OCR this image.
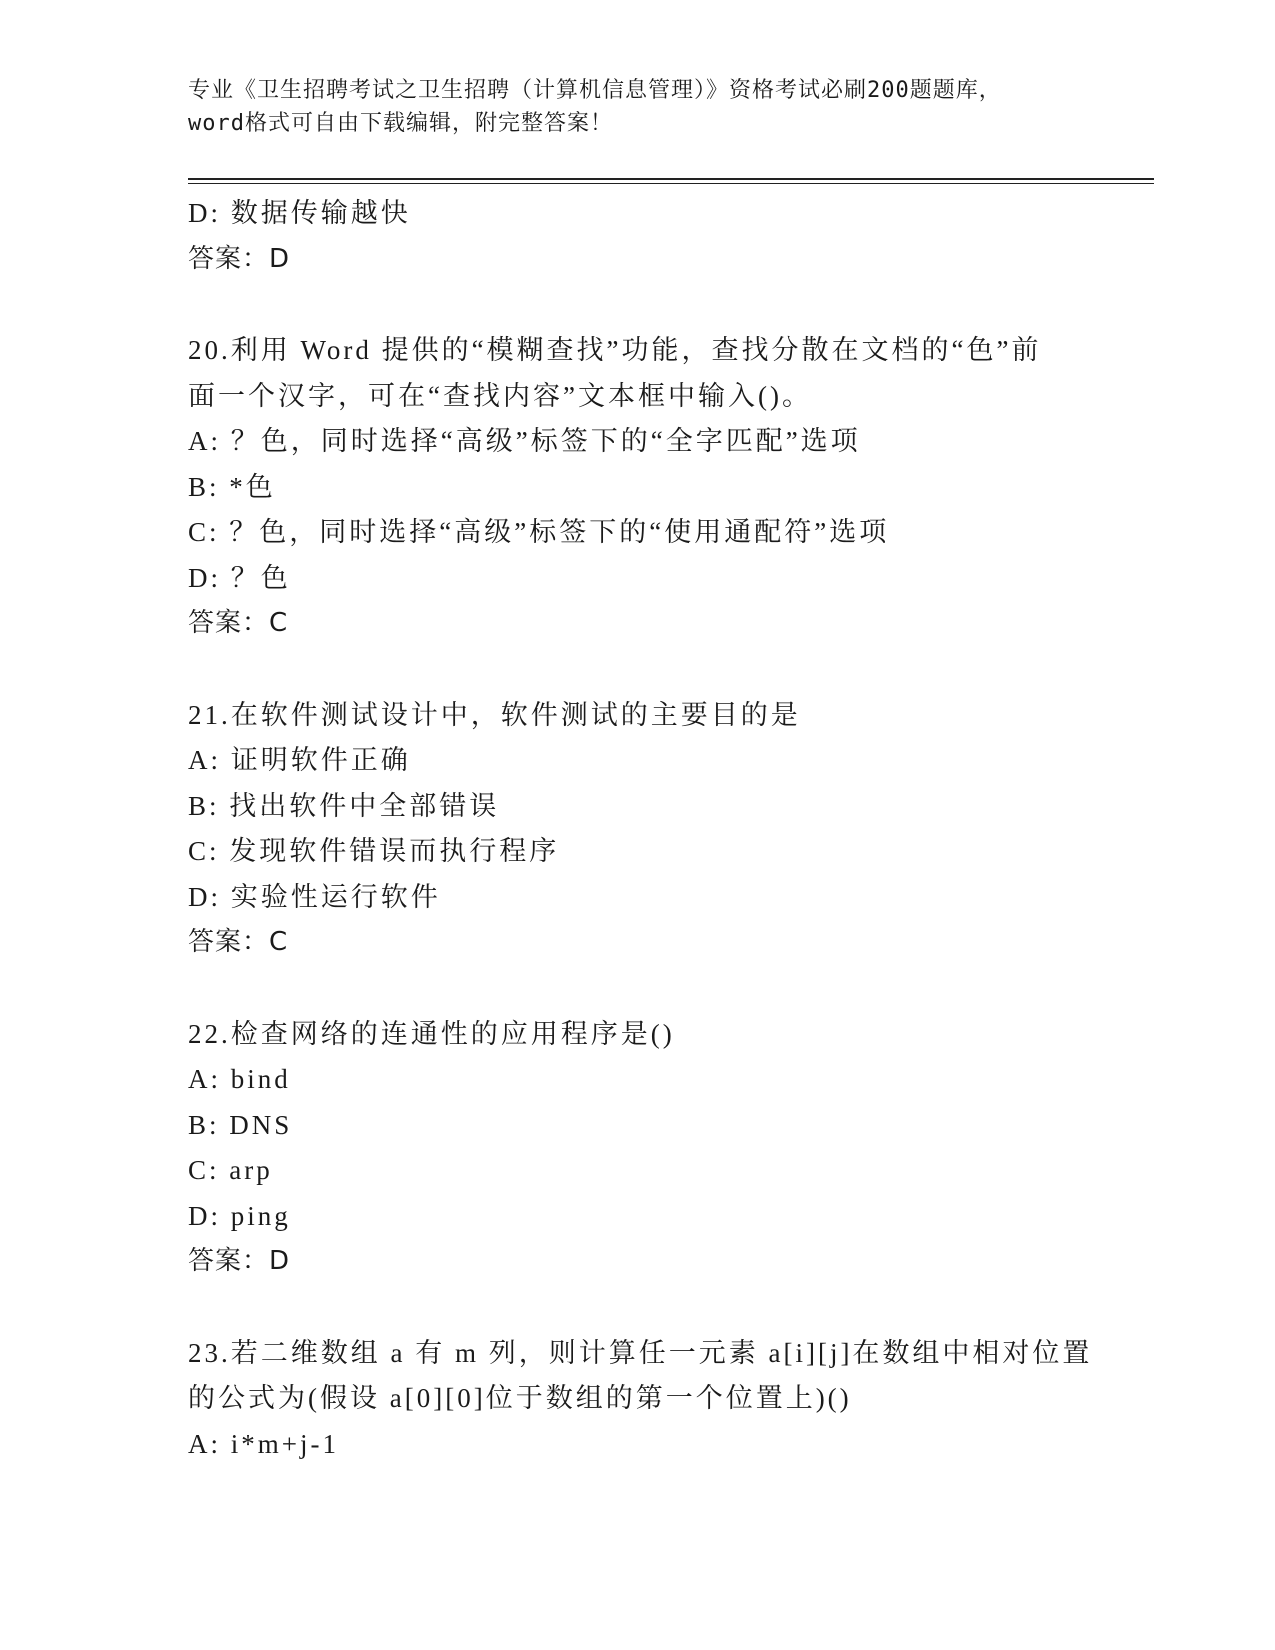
专业《卫生招聘考试之卫生招聘（计算机信息管理）》资格考试必刷200题题库，
word格式可自由下载编辑，附完整答案！
D: 数据传输越快
答案：D
20.利用 Word 提供的“模糊查找”功能，查找分散在文档的“色”前
面一个汉字，可在“查找内容”文本框中输入()。
A: ？色，同时选择“高级”标签下的“全字匹配”选项
B: *色
C: ？色，同时选择“高级”标签下的“使用通配符”选项
D: ？色
答案：C
21.在软件测试设计中，软件测试的主要目的是
A: 证明软件正确
B: 找出软件中全部错误
C: 发现软件错误而执行程序
D: 实验性运行软件
答案：C
22.检查网络的连通性的应用程序是()
A: bind
B: DNS
C: arp
D: ping
答案：D
23.若二维数组 a 有 m 列，则计算任一元素 a[i][j]在数组中相对位置
的公式为(假设 a[0][0]位于数组的第一个位置上)()
A: i*m+j-1
